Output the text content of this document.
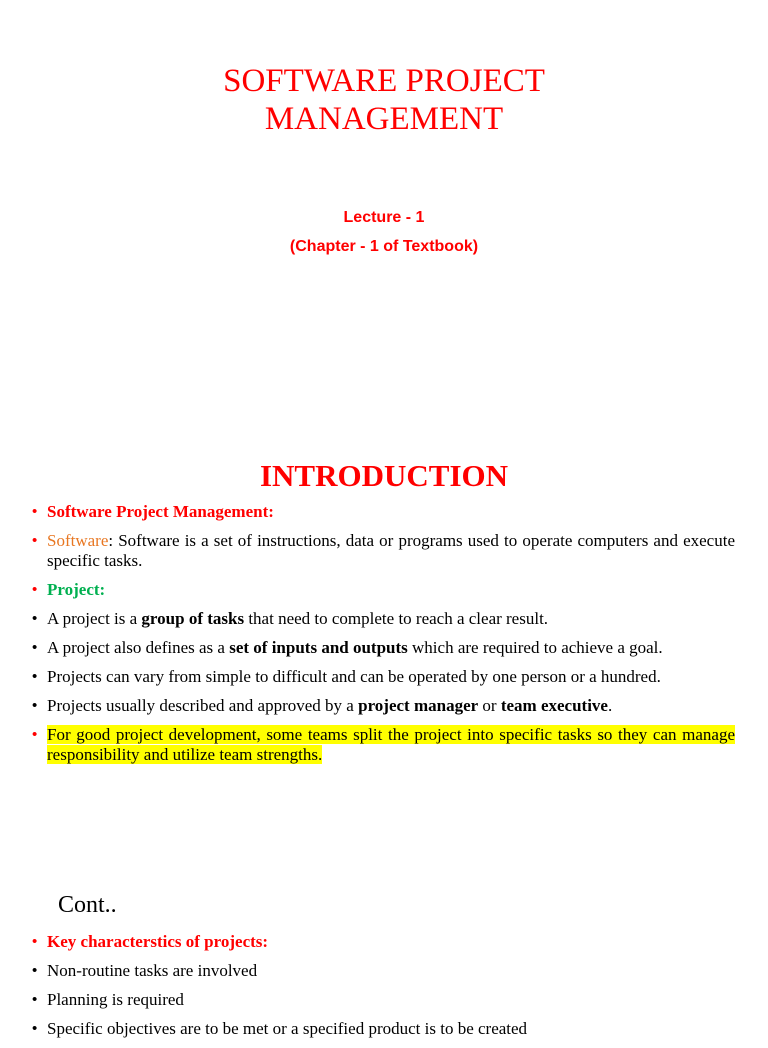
SOFTWARE PROJECT
MANAGEMENT

Lecture - 1

(Chapter - 1 of Textbook)

INTRODUCTION
• Software Project Management:
• Software: Software is a set of instructions, data or programs used to operate computers and execute specific tasks.
• Project:
• A project is a group of tasks that need to complete to reach a clear result.
• A project also defines as a set of inputs and outputs which are required to achieve a goal.
• Projects can vary from simple to difficult and can be operated by one person or a hundred.
• Projects usually described and approved by a project manager or team executive.
• For good project development, some teams split the project into specific tasks so they can manage responsibility and utilize team strengths.
Cont..
• Key characterstics of projects:
• Non-routine tasks are involved
• Planning is required
• Specific objectives are to be met or a specified product is to be created
